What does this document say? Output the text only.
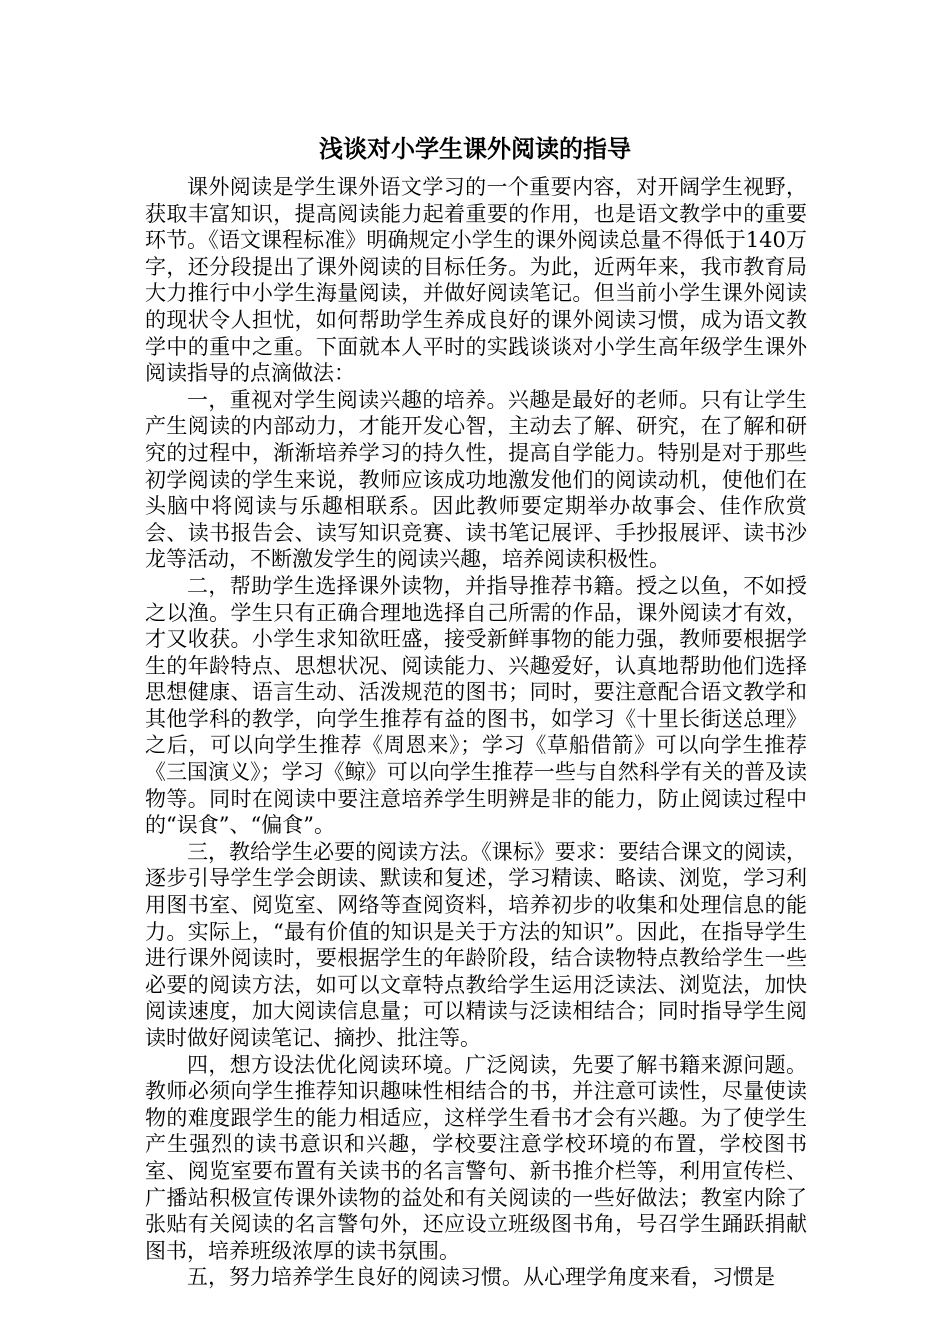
浅谈对小学生课外阅读的指导

课外阅读是学生课外语文学习的一个重要内容，对开阔学生视野，获取丰富知识，提高阅读能力起着重要的作用，也是语文教学中的重要环节。《语文课程标准》明确规定小学生的课外阅读总量不得低于140万字，还分段提出了课外阅读的目标任务。为此，近两年来，我市教育局大力推行中小学生海量阅读，并做好阅读笔记。但当前小学生课外阅读的现状令人担忧，如何帮助学生养成良好的课外阅读习惯，成为语文教学中的重中之重。下面就本人平时的实践谈谈对小学生高年级学生课外阅读指导的点滴做法：

一，重视对学生阅读兴趣的培养。兴趣是最好的老师。只有让学生产生阅读的内部动力，才能开发心智，主动去了解、研究，在了解和研究的过程中，渐渐培养学习的持久性，提高自学能力。特别是对于那些初学阅读的学生来说，教师应该成功地激发他们的阅读动机，使他们在头脑中将阅读与乐趣相联系。因此教师要定期举办故事会、佳作欣赏会、读书报告会、读写知识竞赛、读书笔记展评、手抄报展评、读书沙龙等活动，不断激发学生的阅读兴趣，培养阅读积极性。

二，帮助学生选择课外读物，并指导推荐书籍。授之以鱼，不如授之以渔。学生只有正确合理地选择自己所需的作品，课外阅读才有效，才又收获。小学生求知欲旺盛，接受新鲜事物的能力强，教师要根据学生的年龄特点、思想状况、阅读能力、兴趣爱好，认真地帮助他们选择思想健康、语言生动、活泼规范的图书；同时，要注意配合语文教学和其他学科的教学，向学生推荐有益的图书，如学习《十里长街送总理》之后，可以向学生推荐《周恩来》；学习《草船借箭》可以向学生推荐《三国演义》；学习《鲸》可以向学生推荐一些与自然科学有关的普及读物等。同时在阅读中要注意培养学生明辨是非的能力，防止阅读过程中的“误食”、“偏食”。

三，教给学生必要的阅读方法。《课标》要求：要结合课文的阅读，逐步引导学生学会朗读、默读和复述，学习精读、略读、浏览，学习利用图书室、阅览室、网络等查阅资料，培养初步的收集和处理信息的能力。实际上，“最有价值的知识是关于方法的知识”。因此，在指导学生进行课外阅读时，要根据学生的年龄阶段，结合读物特点教给学生一些必要的阅读方法，如可以文章特点教给学生运用泛读法、浏览法，加快阅读速度，加大阅读信息量；可以精读与泛读相结合；同时指导学生阅读时做好阅读笔记、摘抄、批注等。

四，想方设法优化阅读环境。广泛阅读，先要了解书籍来源问题。教师必须向学生推荐知识趣味性相结合的书，并注意可读性，尽量使读物的难度跟学生的能力相适应，这样学生看书才会有兴趣。为了使学生产生强烈的读书意识和兴趣，学校要注意学校环境的布置，学校图书室、阅览室要布置有关读书的名言警句、新书推介栏等，利用宣传栏、广播站积极宣传课外读物的益处和有关阅读的一些好做法；教室内除了张贴有关阅读的名言警句外，还应设立班级图书角，号召学生踊跃捐献图书，培养班级浓厚的读书氛围。

五，努力培养学生良好的阅读习惯。从心理学角度来看，习惯是
